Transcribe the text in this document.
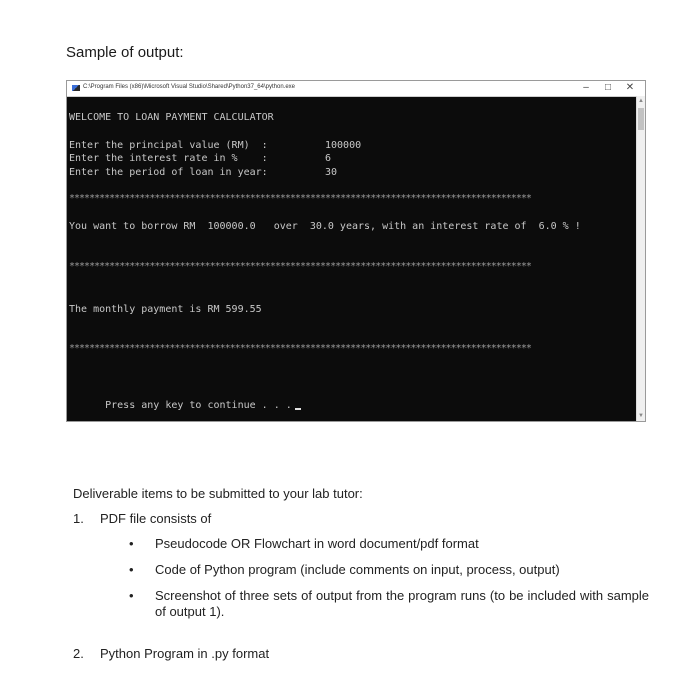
Sample of output:
C:\Program Files (x86)\Microsoft Visual Studio\Shared\Python37_64\python.exe	–	□	✕
WELCOME TO LOAN PAYMENT CALCULATOR
Enter the principal value (RM)  :	100000
Enter the interest rate in %    :	6
Enter the period of loan in year:	30
********************************************************************************************
You want to borrow RM  100000.0   over  30.0 years, with an interest rate of  6.0 % !
********************************************************************************************
The monthly payment is RM 599.55
********************************************************************************************

Press any key to continue . . .

▲
▼
Deliverable items to be submitted to your lab tutor:
1. PDF file consists of
• Pseudocode OR Flowchart in word document/pdf format
• Code of Python program (include comments on input, process, output)
• Screenshot of three sets of output from the program runs (to be included with sample of output 1).
2. Python Program in .py format
